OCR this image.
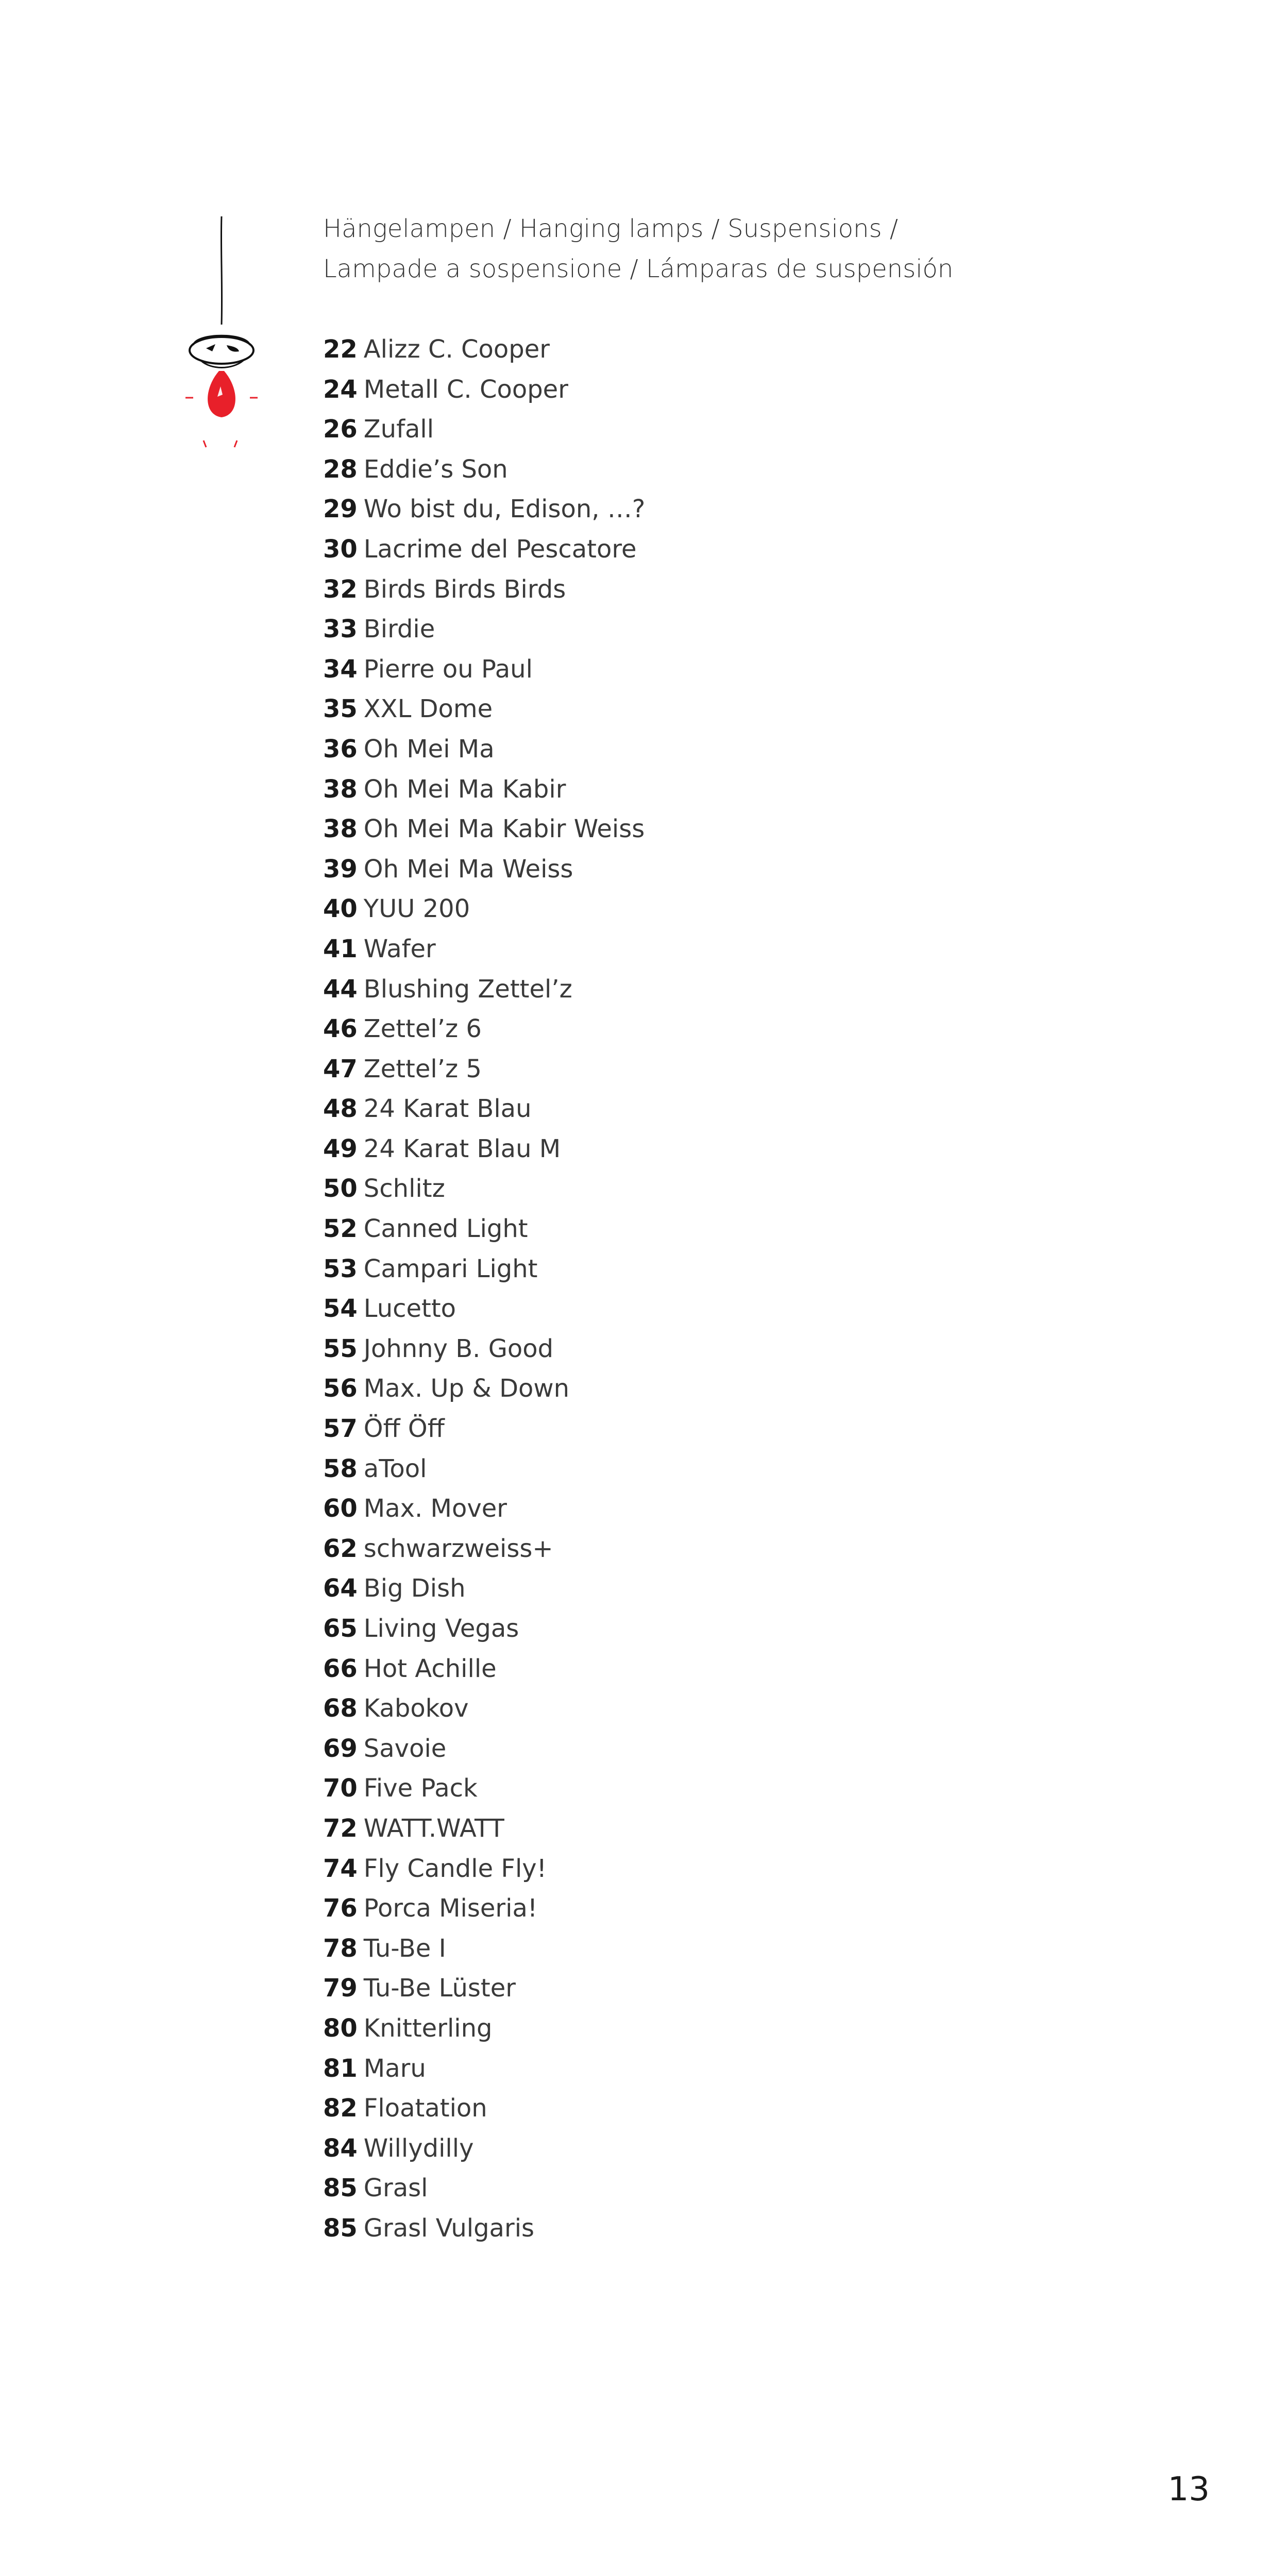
Hängelampen / Hanging lamps / Suspensions /
Lampade a sospensione / Lámparas de suspensión
22 Alizz C. Cooper
24 Metall C. Cooper
26 Zufall
28 Eddie’s Son
29 Wo bist du, Edison, …?
30 Lacrime del Pescatore
32 Birds Birds Birds
33 Birdie
34 Pierre ou Paul
35 XXL Dome
36 Oh Mei Ma
38 Oh Mei Ma Kabir
38 Oh Mei Ma Kabir Weiss
39 Oh Mei Ma Weiss
40 YUU 200
41 Wafer
44 Blushing Zettel’z
46 Zettel’z 6
47 Zettel’z 5
48 24 Karat Blau
49 24 Karat Blau M
50 Schlitz
52 Canned Light
53 Campari Light
54 Lucetto
55 Johnny B. Good
56 Max. Up & Down
57 Öff Öff
58 aTool
60 Max. Mover
62 schwarzweiss+
64 Big Dish
65 Living Vegas
66 Hot Achille
68 Kabokov
69 Savoie
70 Five Pack
72 WATT.WATT
74 Fly Candle Fly!
76 Porca Miseria!
78 Tu-Be I
79 Tu-Be Lüster
80 Knitterling
81 Maru
82 Floatation
84 Willydilly
85 Grasl
85 Grasl Vulgaris
13
